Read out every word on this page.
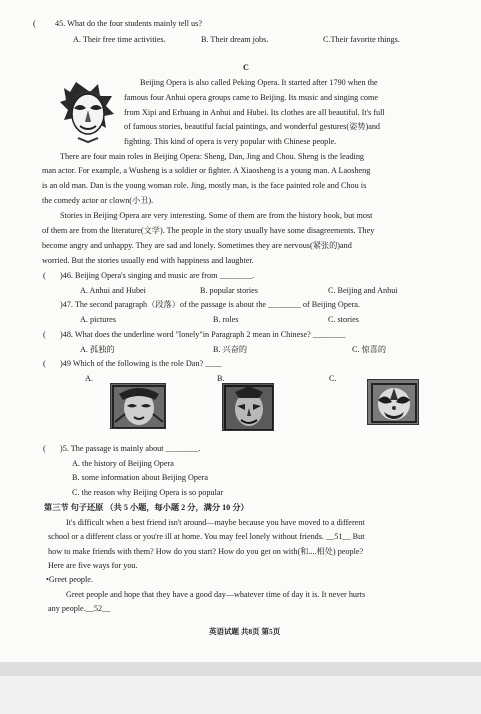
( 45. What do the four students mainly tell us?
A. Their free time activities.	B. Their dream jobs.	C.Their favorite things.
C
Beijing Opera is also called Peking Opera. It started after 1790 when the
famous four Anhui opera groups came to Beijing. Its music and singing come
from Xipi and Erhuang in Anhui and Hubei. Its clothes are all beautiful. It's full
of famous stories, beautiful facial paintings, and wonderful gestures(姿势)and
fighting. This kind of opera is very popular with Chinese people.
There are four main roles in Beijing Opera: Sheng, Dan, Jing and Chou. Sheng is the leading
man actor. For example, a Wusheng is a soldier or fighter. A Xiaosheng is a young man. A Laosheng
is an old man. Dan is the young woman role. Jing, mostly man, is the face painted role and Chou is
the comedy actor or clown(小丑).
Stories in Beijing Opera are very interesting. Some of them are from the history book, but most
of them are from the literature(文学). The people in the story usually have some disagreements. They
become angry and unhappy. They are sad and lonely. Sometimes they are nervous(紧张的)and
worried. But the stories usually end with happiness and laughter.
( )46. Beijing Opera's singing and music are from ________.
A. Anhui and Hubei	B. popular stories	C. Beijing and Anhui
)47. The second paragraph（段落）of the passage is about the ________ of Beijing Opera.
A. pictures	B. roles	C. stories
( )48. What does the underline word "lonely"in Paragraph 2 mean in Chinese? ________
A. 孤独的	B. 兴奋的	C. 惊喜的
( )49 Which of the following is the role Dan? ____
A.	B.	C.
( )5. The passage is mainly about ________.
A. the history of Beijing Opera
B. some information about Beijing Opera
C. the reason why Beijing Opera is so popular
第三节 句子还原 （共 5 小题，每小题 2 分，满分 10 分）
It's difficult when a best friend isn't around—maybe because you have moved to a different
school or a different class or you're ill at home. You may feel lonely without friends. __51__ But
how to make friends with them? How do you start? How do you get on with(和....相处) people?
Here are five ways for you.
•Greet people.
Greet people and hope that they have a good day—whatever time of day it is. It never hurts
any people.__52__
英语试题 共8页 第5页
